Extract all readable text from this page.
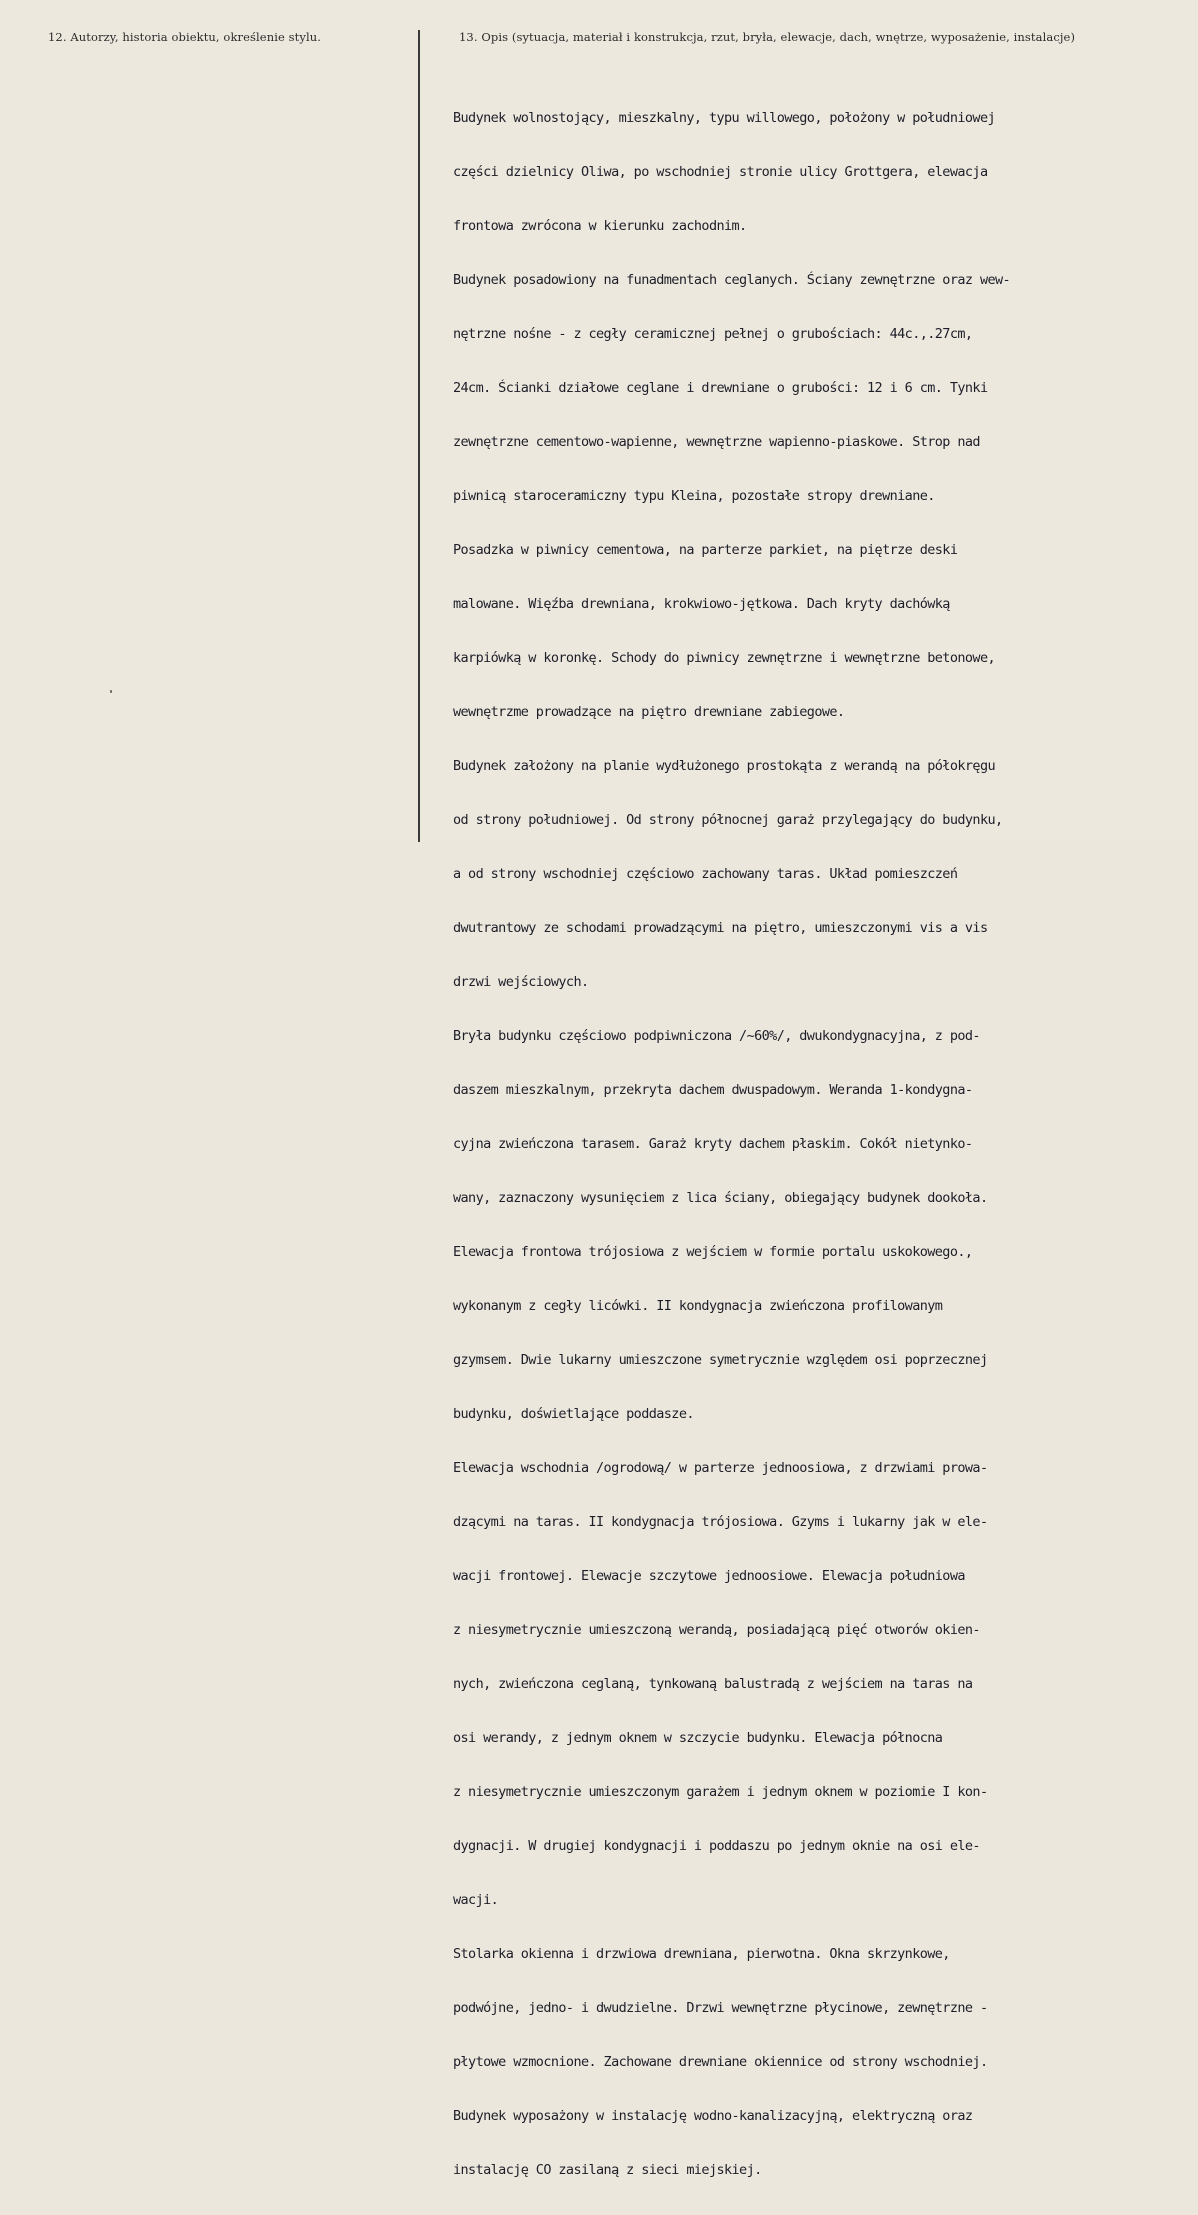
12. Autorzy, historia obiektu, określenie stylu.	13. Opis (sytuacja, materiał i konstrukcja, rzut, bryła, elewacje, dach, wnętrze, wyposażenie, instalacje)

Budynek wolnostojący, mieszkalny, typu willowego, położony w południowej

części dzielnicy Oliwa, po wschodniej stronie ulicy Grottgera, elewacja

frontowa zwrócona w kierunku zachodnim.

Budynek posadowiony na funadmentach ceglanych. Ściany zewnętrzne oraz wew-

nętrzne nośne - z cegły ceramicznej pełnej o grubościach: 44c.,.27cm,

24cm. Ścianki działowe ceglane i drewniane o grubości: 12 i 6 cm. Tynki

zewnętrzne cementowo-wapienne, wewnętrzne wapienno-piaskowe. Strop nad

piwnicą staroceramiczny typu Kleina, pozostałe stropy drewniane.

Posadzka w piwnicy cementowa, na parterze parkiet, na piętrze deski

malowane. Więźba drewniana, krokwiowo-jętkowa. Dach kryty dachówką

karpiówką w koronkę. Schody do piwnicy zewnętrzne i wewnętrzne betonowe,

wewnętrzme prowadzące na piętro drewniane zabiegowe.

Budynek założony na planie wydłużonego prostokąta z werandą na półokręgu

od strony południowej. Od strony północnej garaż przylegający do budynku,

a od strony wschodniej częściowo zachowany taras. Układ pomieszczeń

dwutrantowy ze schodami prowadzącymi na piętro, umieszczonymi vis a vis

drzwi wejściowych.

Bryła budynku częściowo podpiwniczona /~60%/, dwukondygnacyjna, z pod-

daszem mieszkalnym, przekryta dachem dwuspadowym. Weranda 1-kondygna-

cyjna zwieńczona tarasem. Garaż kryty dachem płaskim. Cokół nietynko-

wany, zaznaczony wysunięciem z lica ściany, obiegający budynek dookoła.

Elewacja frontowa trójosiowa z wejściem w formie portalu uskokowego.,

wykonanym z cegły licówki. II kondygnacja zwieńczona profilowanym

gzymsem. Dwie lukarny umieszczone symetrycznie względem osi poprzecznej

budynku, doświetlające poddasze.

Elewacja wschodnia /ogrodową/ w parterze jednoosiowa, z drzwiami prowa-

dzącymi na taras. II kondygnacja trójosiowa. Gzyms i lukarny jak w ele-

wacji frontowej. Elewacje szczytowe jednoosiowe. Elewacja południowa

z niesymetrycznie umieszczoną werandą, posiadającą pięć otworów okien-

nych, zwieńczona ceglaną, tynkowaną balustradą z wejściem na taras na

osi werandy, z jednym oknem w szczycie budynku. Elewacja północna

z niesymetrycznie umieszczonym garażem i jednym oknem w poziomie I kon-

dygnacji. W drugiej kondygnacji i poddaszu po jednym oknie na osi ele-

wacji.

Stolarka okienna i drzwiowa drewniana, pierwotna. Okna skrzynkowe,

podwójne, jedno- i dwudzielne. Drzwi wewnętrzne płycinowe, zewnętrzne -

płytowe wzmocnione. Zachowane drewniane okiennice od strony wschodniej.

Budynek wyposażony w instalację wodno-kanalizacyjną, elektryczną oraz

instalację CO zasilaną z sieci miejskiej.
